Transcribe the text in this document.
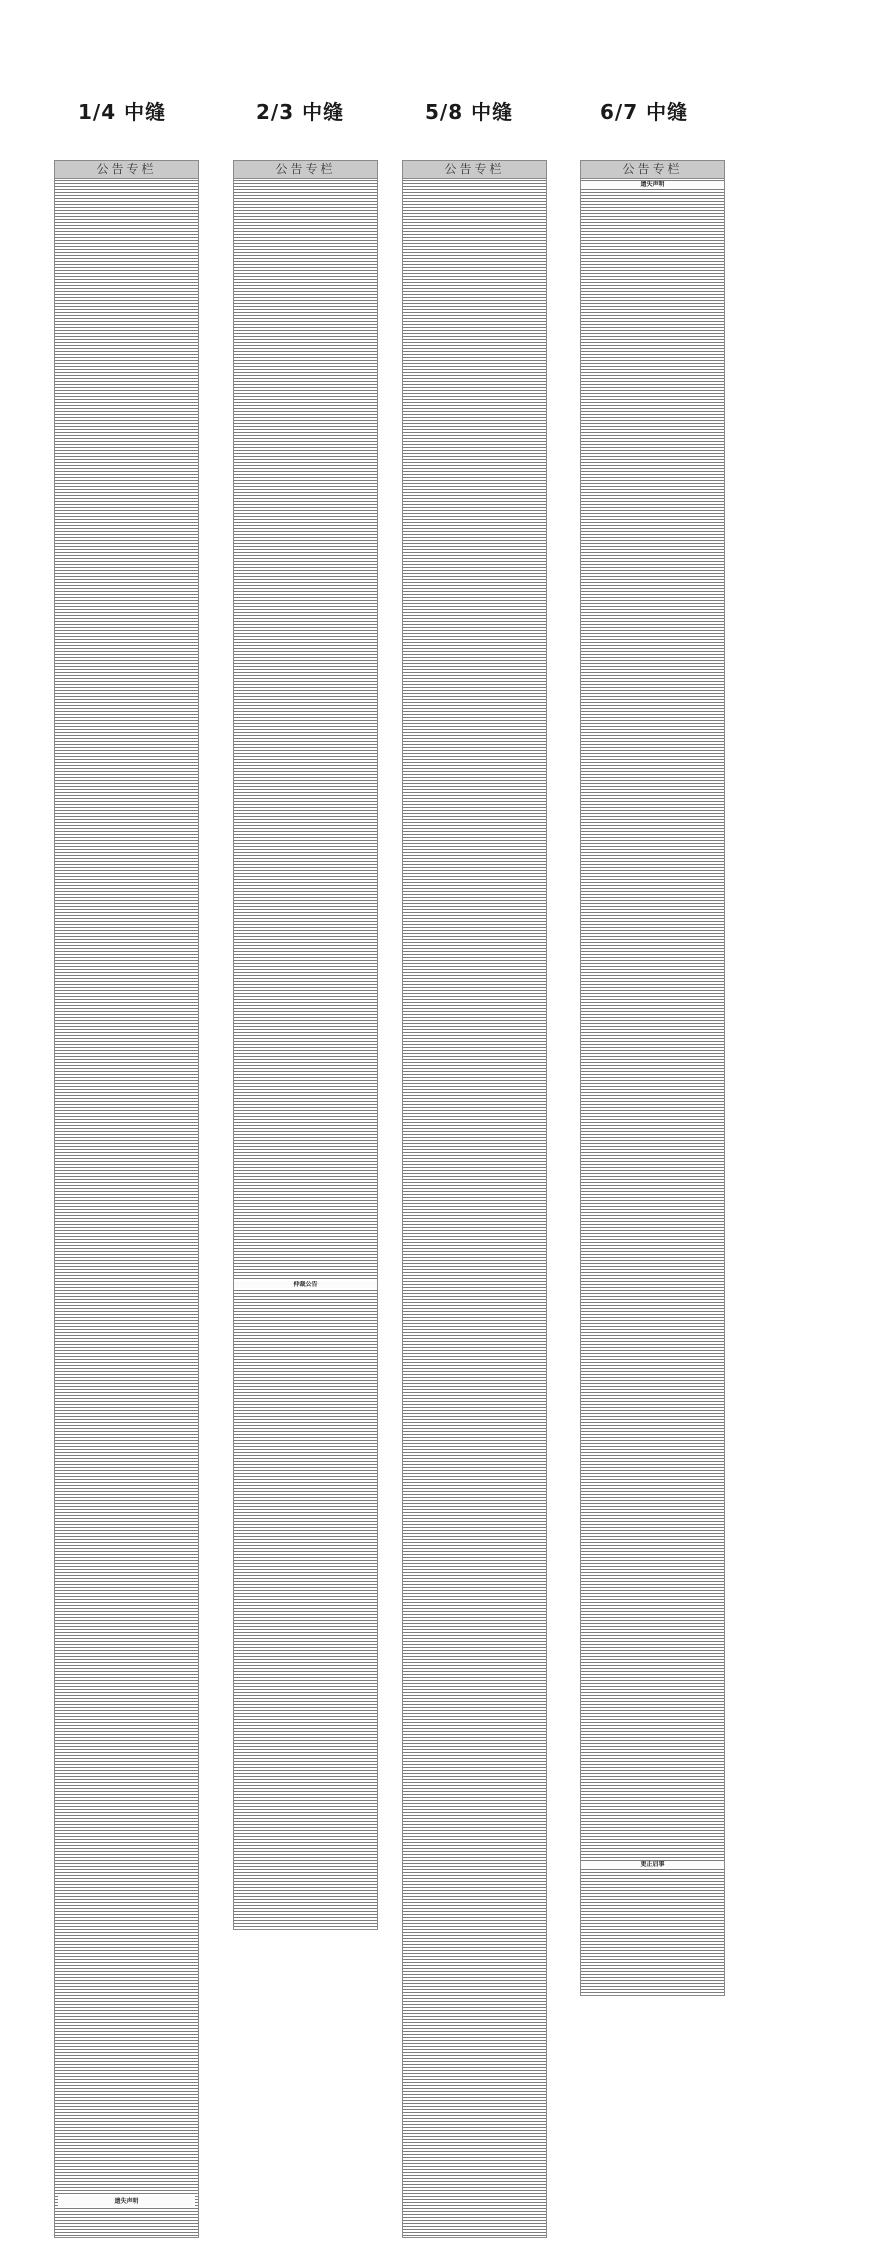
1/4 中缝	2/3 中缝	5/8 中缝	6/7 中缝
公告专栏
遗失声明
公告专栏
仲裁公告
公告专栏	公告专栏
遗失声明
更正启事
